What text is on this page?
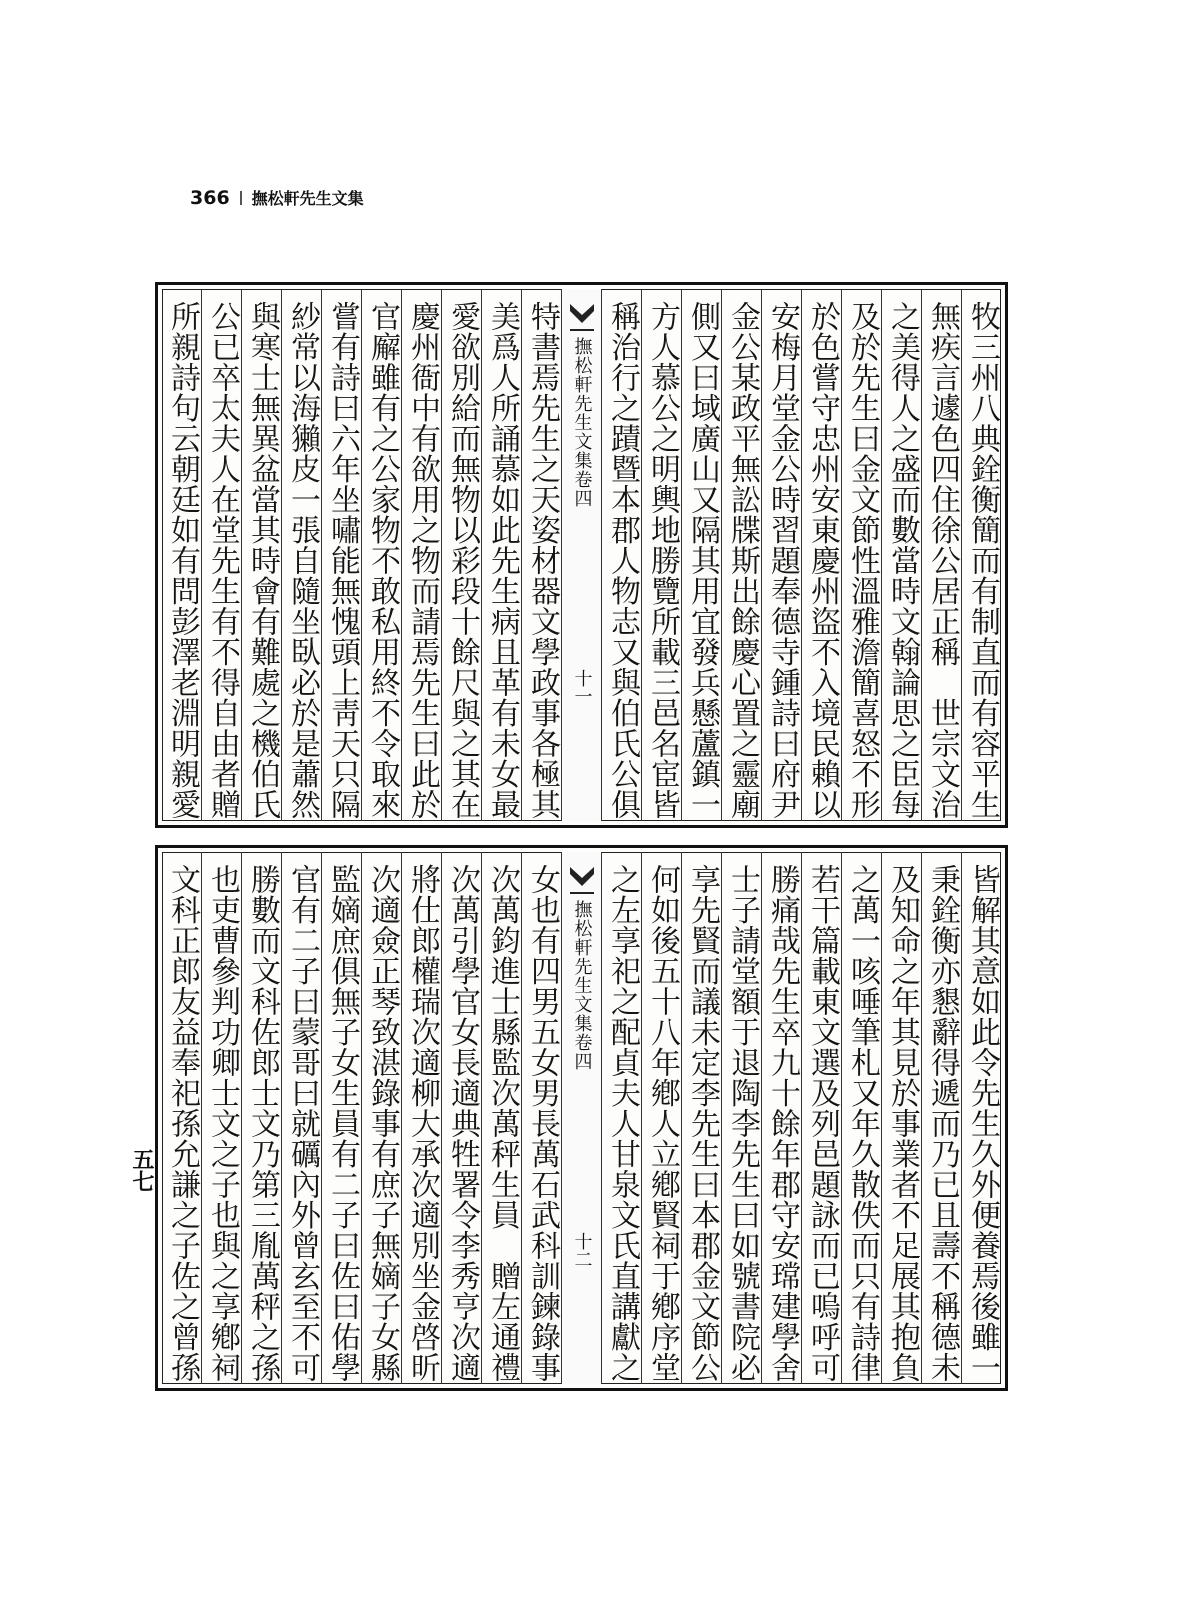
366 撫松軒先生文集
牧三州八典銓衡簡而有制直而有容平生
無疾言遽色四住徐公居正稱　世宗文治
之美得人之盛而數當時文翰論思之臣每
及於先生曰金文節性溫雅澹簡喜怒不形
於色嘗守忠州安東慶州盜不入境民賴以
安梅月堂金公時習題奉德寺鍾詩曰府尹
金公某政平無訟牒斯出餘慶心置之靈廟
側又曰域廣山又隔其用宜發兵懸蘆鎮一
方人慕公之明輿地勝覽所載三邑名宦皆
稱治行之蹟暨本郡人物志又與伯氏公俱
撫松軒先生文集卷四
十一
特書焉先生之天姿材器文學政事各極其
美爲人所誦慕如此先生病且革有未女最
愛欲別給而無物以彩段十餘尺與之其在
慶州衙中有欲用之物而請焉先生曰此於
官廨雖有之公家物不敢私用終不令取來
嘗有詩曰六年坐嘯能無愧頭上靑天只隔
紗常以海獺皮一張自隨坐臥必於是蕭然
與寒士無異盆當其時會有難處之機伯氏
公已卒太夫人在堂先生有不得自由者贈
所親詩句云朝廷如有問彭澤老淵明親愛
皆解其意如此令先生久外便養焉後雖一
秉銓衡亦懇辭得遞而乃已且壽不稱德未
及知命之年其見於事業者不足展其抱負
之萬一咳唾筆札又年久散佚而只有詩律
若干篇載東文選及列邑題詠而已嗚呼可
勝痛哉先生卒九十餘年郡守安瑺建學舍
士子請堂額于退陶李先生曰如號書院必
享先賢而議未定李先生曰本郡金文節公
何如後五十八年鄕人立鄕賢祠于鄕序堂
之左享祀之配貞夫人甘泉文氏直講獻之
撫松軒先生文集卷四
十二
女也有四男五女男長萬石武科訓鍊錄事
次萬鈞進士縣監次萬秤生員　贈左通禮
次萬引學官女長適典牲署令李秀亨次適
將仕郎權瑞次適柳大承次適別坐金啓昕
次適僉正琴致湛錄事有庶子無嫡子女縣
監嫡庶俱無子女生員有二子曰佐曰佑學
官有二子曰蒙哥曰就礪內外曾玄至不可
勝數而文科佐郎士文乃第三胤萬秤之孫
也吏曹參判功卿士文之子也與之享鄕祠
文科正郎友益奉祀孫允謙之子佐之曾孫
五七
